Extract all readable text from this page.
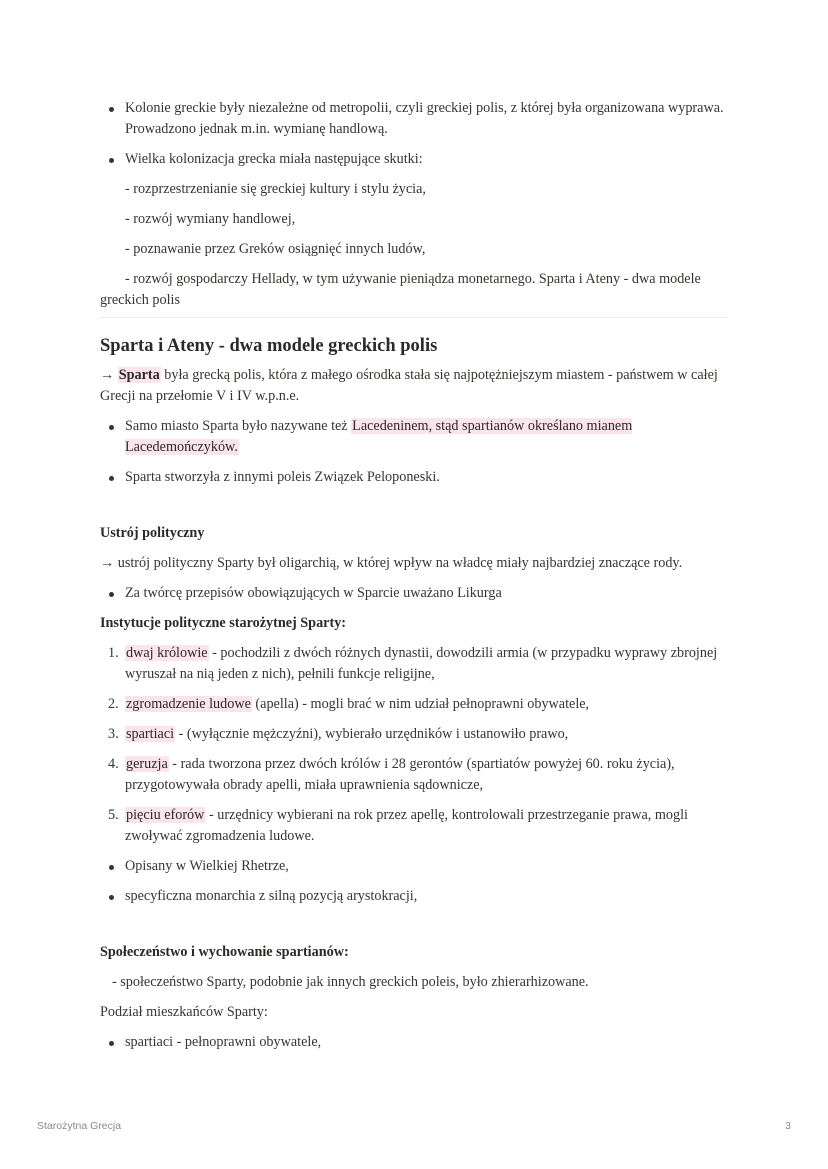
Kolonie greckie były niezależne od metropolii, czyli greckiej polis, z której była organizowana wyprawa. Prowadzono jednak m.in. wymianę handlową.
Wielka kolonizacja grecka miała następujące skutki:

- rozprzestrzenianie się greckiej kultury i stylu życia,

- rozwój wymiany handlowej,

- poznawanie przez Greków osiągnięć innych ludów,

- rozwój gospodarczy Hellady, w tym używanie pieniądza monetarnego. Sparta i Ateny - dwa modele greckich polis

Sparta i Ateny - dwa modele greckich polis

→ Sparta była grecką polis, która z małego ośrodka stała się najpotężniejszym miastem - państwem w całej Grecji na przełomie V i IV w.p.n.e.

Samo miasto Sparta było nazywane też Lacedeninem, stąd spartianów określano mianem Lacedemończyków.
Sparta stworzyła z innymi poleis Związek Peloponeski.

Ustrój polityczny

→ ustrój polityczny Sparty był oligarchią, w której wpływ na władcę miały najbardziej znaczące rody.

Za twórcę przepisów obowiązujących w Sparcie uważano Likurga

Instytucje polityczne starożytnej Sparty:

1. dwaj królowie - pochodzili z dwóch różnych dynastii, dowodzili armia (w przypadku wyprawy zbrojnej wyruszał na nią jeden z nich), pełnili funkcje religijne,
2. zgromadzenie ludowe (apella) - mogli brać w nim udział pełnoprawni obywatele,
3. spartiaci - (wyłącznie mężczyźni), wybierało urzędników i ustanowiło prawo,
4. geruzja - rada tworzona przez dwóch królów i 28 gerontów (spartiatów powyżej 60. roku życia), przygotowywała obrady apelli, miała uprawnienia sądownicze,
5. pięciu eforów - urzędnicy wybierani na rok przez apellę, kontrolowali przestrzeganie prawa, mogli zwoływać zgromadzenia ludowe.
Opisany w Wielkiej Rhetrze,
specyficzna monarchia z silną pozycją arystokracji,

Społeczeństwo i wychowanie spartianów:

- społeczeństwo Sparty, podobnie jak innych greckich poleis, było zhierarhizowane.

Podział mieszkańców Sparty:

spartiaci - pełnoprawni obywatele,
Starożytna Grecja	3
